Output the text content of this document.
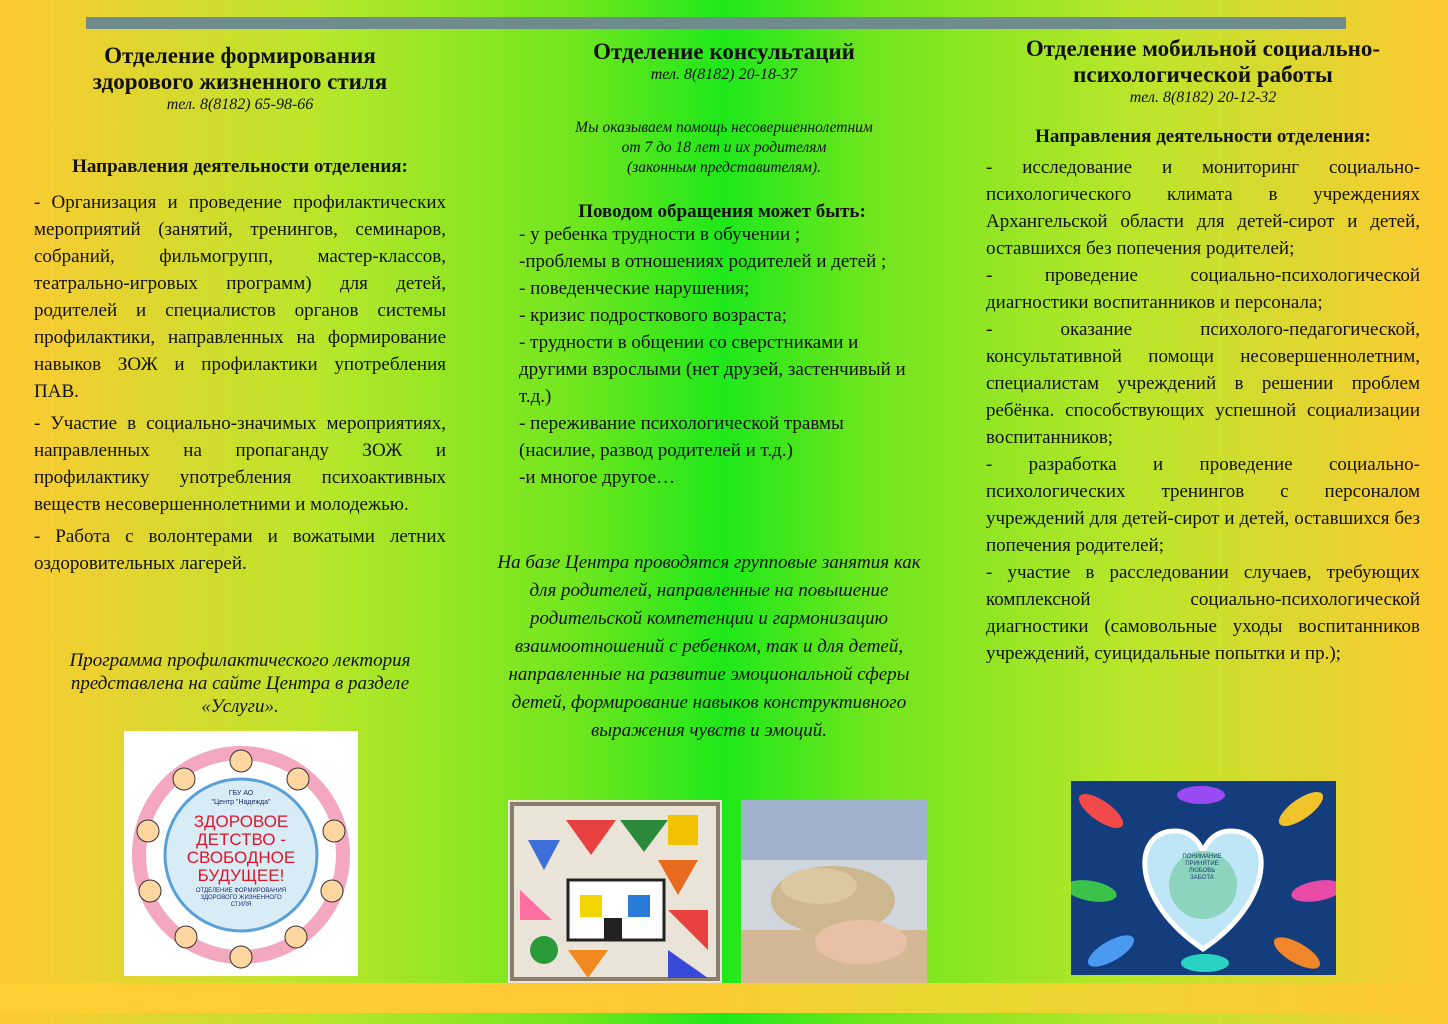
Отделение формирования
здорового жизненного стиля
тел. 8(8182) 65-98-66
Направления деятельности отделения:

- Организация и проведение профилактических мероприятий (занятий, тренингов, семинаров, собраний, фильмогрупп, мастер-классов, театрально-игровых программ) для детей, родителей и специалистов органов системы профилактики, направленных на формирование навыков ЗОЖ и профилактики употребления ПАВ.

- Участие в социально-значимых мероприятиях, направленных на пропаганду ЗОЖ и профилактику употребления психоактивных веществ несовершеннолетними и молодежью.

- Работа с волонтерами и вожатыми летних оздоровительных лагерей.

Программа профилактического лектория
представлена на сайте Центра в разделе
«Услуги».
ГБУ АО
"Центр "Надежда"
ЗДОРОВОЕ
ДЕТСТВО -
СВОБОДНОЕ
БУДУЩЕЕ!
ОТДЕЛЕНИЕ ФОРМИРОВАНИЯ
ЗДОРОВОГО ЖИЗНЕННОГО
СТИЛЯ
Отделение консультаций
тел. 8(8182) 20-18-37
Мы оказываем помощь несовершеннолетним
от 7 до 18 лет и их родителям
(законным представителям).
Поводом обращения может быть:
- у ребенка трудности в обучении ;
-проблемы в отношениях родителей и детей ;
- поведенческие нарушения;
- кризис подросткового возраста;
- трудности в общении со сверстниками и другими взрослыми (нет друзей, застенчивый и т.д.)
- переживание психологической травмы (насилие, развод родителей и т.д.)
-и многое другое…
На базе Центра проводятся групповые занятия как для родителей, направленные на повышение родительской компетенции и гармонизацию взаимоотношений с ребенком, так и для детей, направленные на развитие эмоциональной сферы детей, формирование навыков конструктивного выражения чувств и эмоций.
Отделение мобильной социально-
психологической работы
тел. 8(8182) 20-12-32
Направления деятельности отделения:

- исследование и мониторинг социально-психологического климата в учреждениях Архангельской области для детей-сирот и детей, оставшихся без попечения родителей;

- проведение социально-психологической диагностики воспитанников и персонала;

- оказание психолого-педагогической, консультативной помощи несовершеннолетним, специалистам учреждений в решении проблем ребёнка. способствующих успешной социализации воспитанников;

- разработка и проведение социально-психологических тренингов с персоналом учреждений для детей-сирот и детей, оставшихся без попечения родителей;

- участие в расследовании случаев, требующих комплексной социально-психологической диагностики (самовольные уходы воспитанников учреждений, суицидальные попытки и пр.);

ПОНИМАНИЕ
ПРИНЯТИЕ
ЛЮБОВЬ
ЗАБОТА
